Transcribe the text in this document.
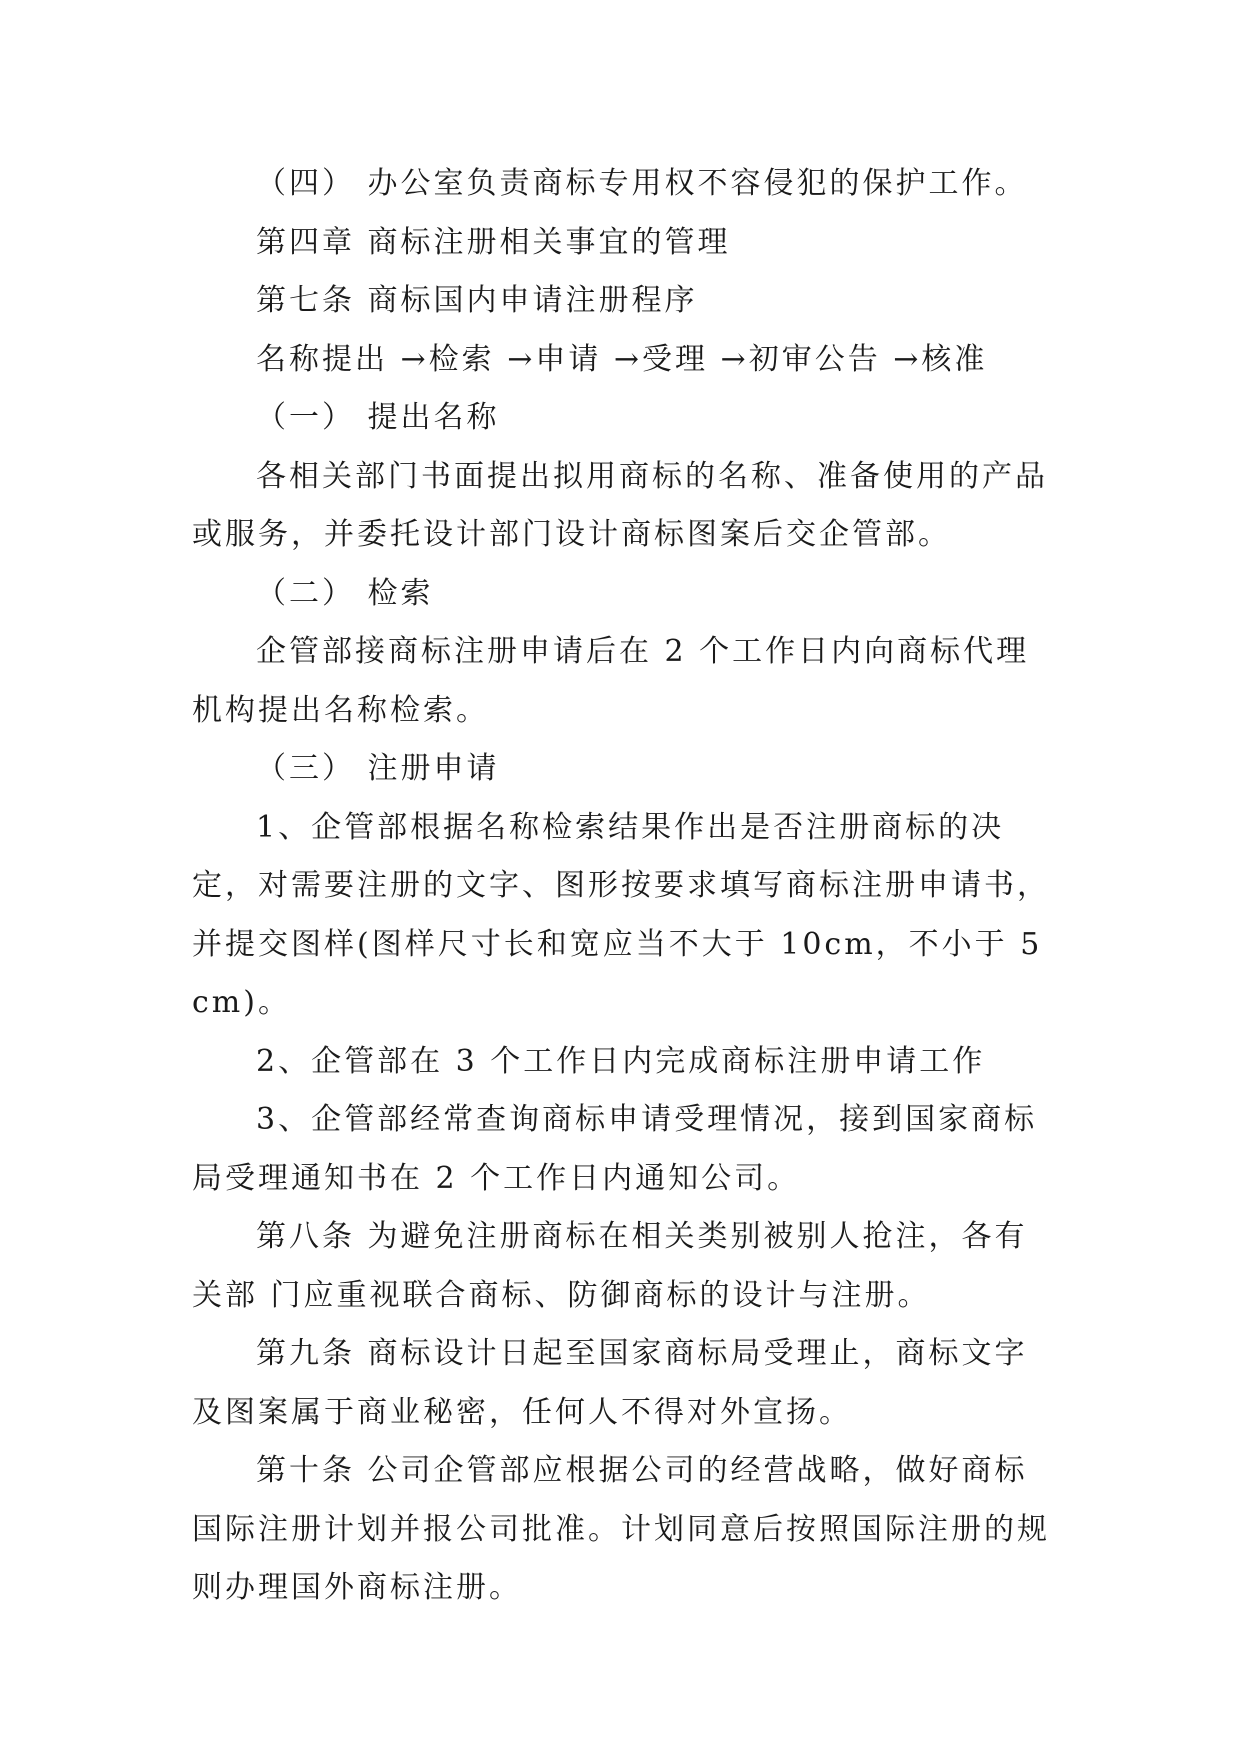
（四） 办公室负责商标专用权不容侵犯的保护工作。

第四章 商标注册相关事宜的管理

第七条 商标国内申请注册程序

名称提出 →检索 →申请 →受理 →初审公告 →核准

（一） 提出名称

各相关部门书面提出拟用商标的名称、准备使用的产品或服务，并委托设计部门设计商标图案后交企管部。

（二） 检索

企管部接商标注册申请后在 2 个工作日内向商标代理机构提出名称检索。

（三） 注册申请

1、企管部根据名称检索结果作出是否注册商标的决定，对需要注册的文字、图形按要求填写商标注册申请书，并提交图样(图样尺寸长和宽应当不大于 10cm，不小于 5cm)。

2、企管部在 3 个工作日内完成商标注册申请工作

3、企管部经常查询商标申请受理情况，接到国家商标局受理通知书在 2 个工作日内通知公司。

第八条 为避免注册商标在相关类别被别人抢注，各有关部 门应重视联合商标、防御商标的设计与注册。

第九条 商标设计日起至国家商标局受理止，商标文字及图案属于商业秘密，任何人不得对外宣扬。

第十条 公司企管部应根据公司的经营战略，做好商标国际注册计划并报公司批准。计划同意后按照国际注册的规则办理国外商标注册。
